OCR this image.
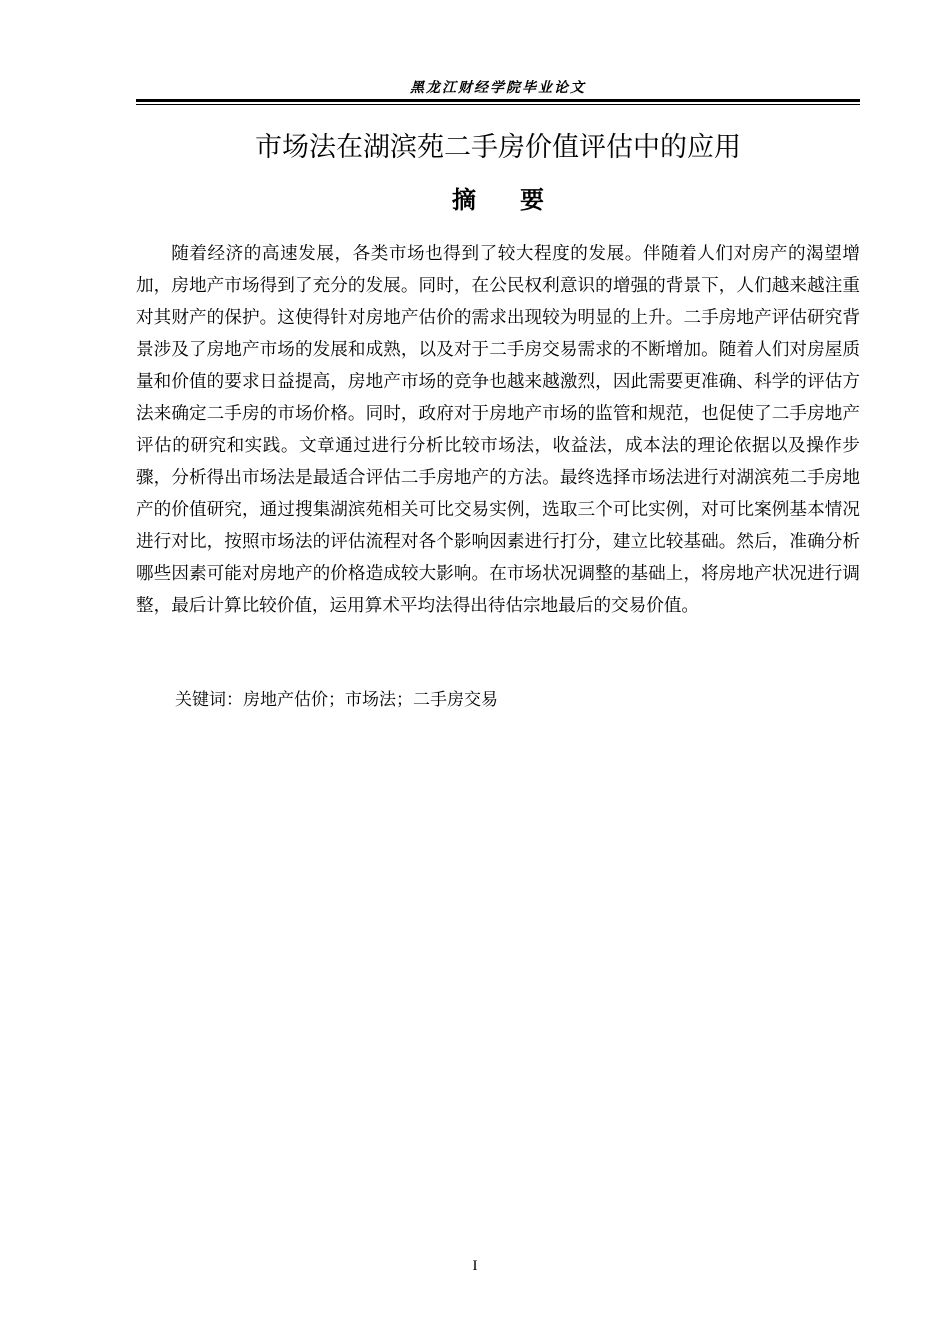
黑龙江财经学院毕业论文
市场法在湖滨苑二手房价值评估中的应用
摘要

随着经济的高速发展，各类市场也得到了较大程度的发展。伴随着人们对房产的渴望增加，房地产市场得到了充分的发展。同时，在公民权利意识的增强的背景下，人们越来越注重对其财产的保护。这使得针对房地产估价的需求出现较为明显的上升。二手房地产评估研究背景涉及了房地产市场的发展和成熟，以及对于二手房交易需求的不断增加。随着人们对房屋质量和价值的要求日益提高，房地产市场的竞争也越来越激烈，因此需要更准确、科学的评估方法来确定二手房的市场价格。同时，政府对于房地产市场的监管和规范，也促使了二手房地产评估的研究和实践。文章通过进行分析比较市场法，收益法，成本法的理论依据以及操作步骤，分析得出市场法是最适合评估二手房地产的方法。最终选择市场法进行对湖滨苑二手房地产的价值研究，通过搜集湖滨苑相关可比交易实例，选取三个可比实例，对可比案例基本情况进行对比，按照市场法的评估流程对各个影响因素进行打分，建立比较基础。然后，准确分析哪些因素可能对房地产的价格造成较大影响。在市场状况调整的基础上，将房地产状况进行调整，最后计算比较价值，运用算术平均法得出待估宗地最后的交易价值。

关键词：房地产估价；市场法；二手房交易
I
